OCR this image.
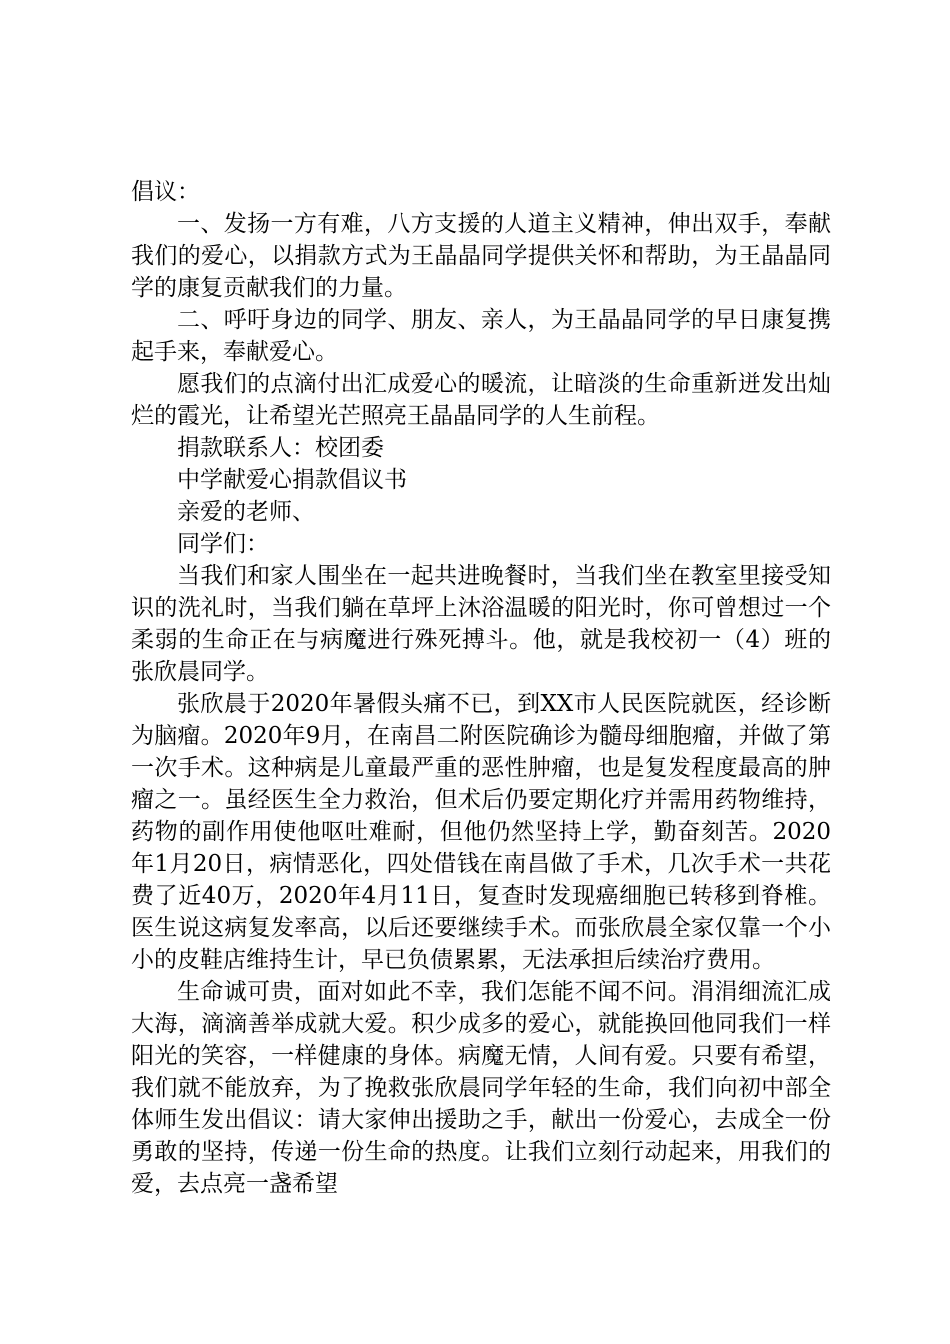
倡议：

一、发扬一方有难，八方支援的人道主义精神，伸出双手，奉献我们的爱心，以捐款方式为王晶晶同学提供关怀和帮助，为王晶晶同学的康复贡献我们的力量。

二、呼吁身边的同学、朋友、亲人，为王晶晶同学的早日康复携起手来，奉献爱心。

愿我们的点滴付出汇成爱心的暖流，让暗淡的生命重新迸发出灿烂的霞光，让希望光芒照亮王晶晶同学的人生前程。

捐款联系人：校团委

中学献爱心捐款倡议书

亲爱的老师、

同学们：

当我们和家人围坐在一起共进晚餐时，当我们坐在教室里接受知识的洗礼时，当我们躺在草坪上沐浴温暖的阳光时，你可曾想过一个柔弱的生命正在与病魔进行殊死搏斗。他，就是我校初一（4）班的张欣晨同学。

张欣晨于2020年暑假头痛不已，到XX市人民医院就医，经诊断为脑瘤。2020年9月，在南昌二附医院确诊为髓母细胞瘤，并做了第一次手术。这种病是儿童最严重的恶性肿瘤，也是复发程度最高的肿瘤之一。虽经医生全力救治，但术后仍要定期化疗并需用药物维持，药物的副作用使他呕吐难耐，但他仍然坚持上学，勤奋刻苦。2020年1月20日，病情恶化，四处借钱在南昌做了手术，几次手术一共花费了近40万，2020年4月11日，复查时发现癌细胞已转移到脊椎。医生说这病复发率高，以后还要继续手术。而张欣晨全家仅靠一个小小的皮鞋店维持生计，早已负债累累，无法承担后续治疗费用。

生命诚可贵，面对如此不幸，我们怎能不闻不问。涓涓细流汇成大海，滴滴善举成就大爱。积少成多的爱心，就能换回他同我们一样阳光的笑容，一样健康的身体。病魔无情，人间有爱。只要有希望，我们就不能放弃，为了挽救张欣晨同学年轻的生命，我们向初中部全体师生发出倡议：请大家伸出援助之手，献出一份爱心，去成全一份勇敢的坚持，传递一份生命的热度。让我们立刻行动起来，用我们的爱，去点亮一盏希望
